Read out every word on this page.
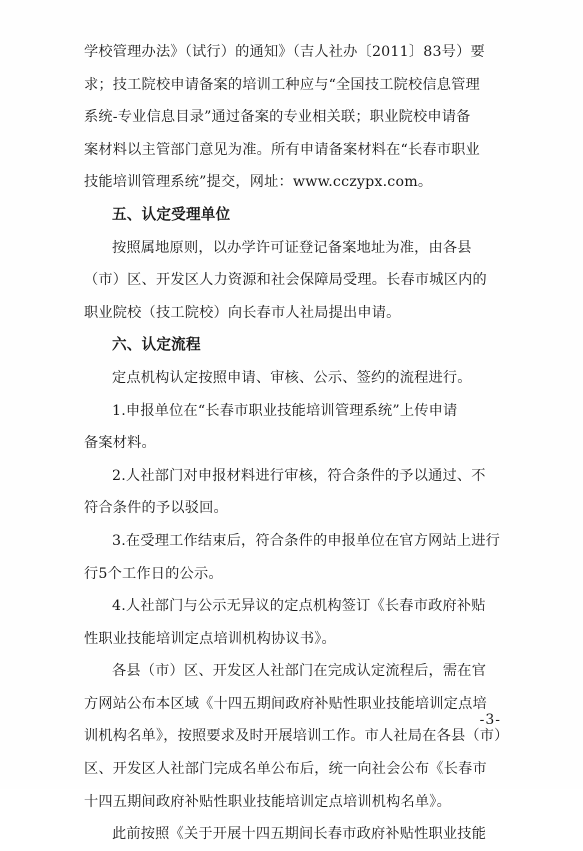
学校管理办法》（试行）的通知》（吉人社办〔2011〕83号）要
求；技工院校申请备案的培训工种应与“全国技工院校信息管理
系统-专业信息目录”通过备案的专业相关联；职业院校申请备
案材料以主管部门意见为准。所有申请备案材料在“长春市职业
技能培训管理系统”提交，网址：www.cczypx.com。
五、认定受理单位
按照属地原则，以办学许可证登记备案地址为准，由各县
（市）区、开发区人力资源和社会保障局受理。长春市城区内的
职业院校（技工院校）向长春市人社局提出申请。
六、认定流程
定点机构认定按照申请、审核、公示、签约的流程进行。
1.申报单位在“长春市职业技能培训管理系统”上传申请
备案材料。
2.人社部门对申报材料进行审核，符合条件的予以通过、不
符合条件的予以驳回。
3.在受理工作结束后，符合条件的申报单位在官方网站上进行
行5个工作日的公示。
4.人社部门与公示无异议的定点机构签订《长春市政府补贴
性职业技能培训定点培训机构协议书》。
各县（市）区、开发区人社部门在完成认定流程后，需在官
方网站公布本区域《十四五期间政府补贴性职业技能培训定点培
训机构名单》，按照要求及时开展培训工作。市人社局在各县（市）
区、开发区人社部门完成名单公布后，统一向社会公布《长春市
十四五期间政府补贴性职业技能培训定点培训机构名单》。
此前按照《关于开展十四五期间长春市政府补贴性职业技能
-3-
